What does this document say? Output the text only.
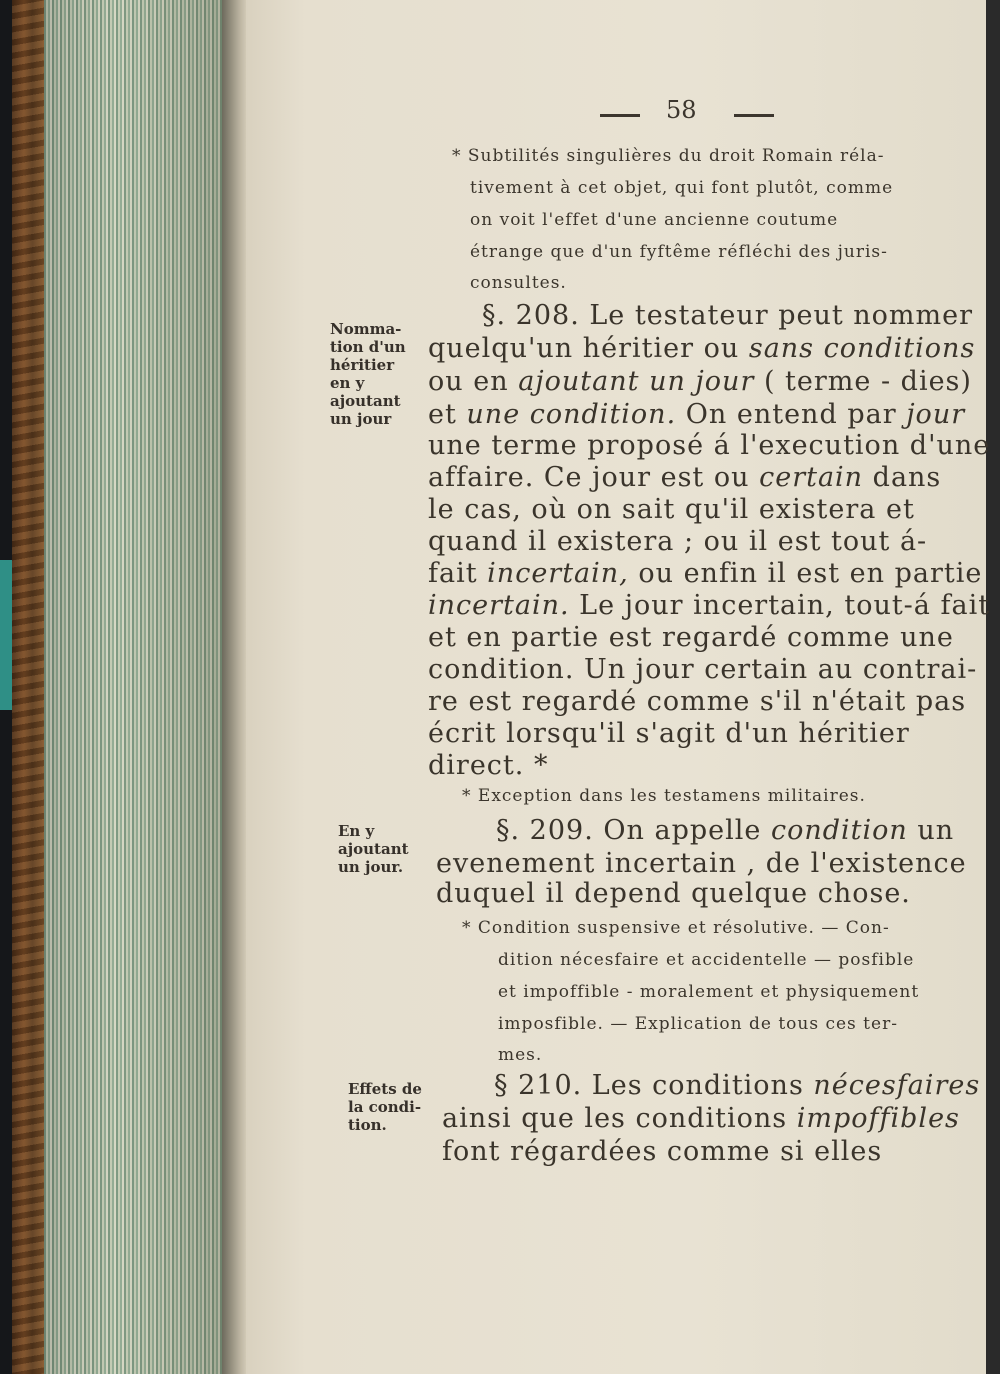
58
* Subtilités singulières du droit Romain réla-
tivement à cet objet, qui font plutôt, comme
on voit l'effet d'une ancienne coutume
étrange que d'un fyftême réfléchi des juris-
consultes.
Nomma-
tion d'un
héritier
en y
ajoutant
un jour
§. 208. Le testateur peut nommer
quelqu'un héritier ou sans conditions
ou en ajoutant un jour ( terme - dies)
et une condition. On entend par jour
une terme proposé á l'execution d'une
affaire. Ce jour est ou certain dans
le cas, où on sait qu'il existera et
quand il existera ; ou il est tout á-
fait incertain, ou enfin il est en partie
incertain. Le jour incertain, tout-á fait
et en partie est regardé comme une
condition. Un jour certain au contrai-
re est regardé comme s'il n'était pas
écrit lorsqu'il s'agit d'un héritier
direct. *
* Exception dans les testamens militaires.
En y
ajoutant
un jour.
§. 209. On appelle condition un
evenement incertain , de l'existence
duquel il depend quelque chose.
* Condition suspensive et résolutive. — Con-
dition nécesfaire et accidentelle — posfible
et impoffible - moralement et physiquement
imposfible. — Explication de tous ces ter-
mes.
Effets de
la condi-
tion.
§ 210. Les conditions nécesfaires
ainsi que les conditions impoffibles
font régardées comme si elles
